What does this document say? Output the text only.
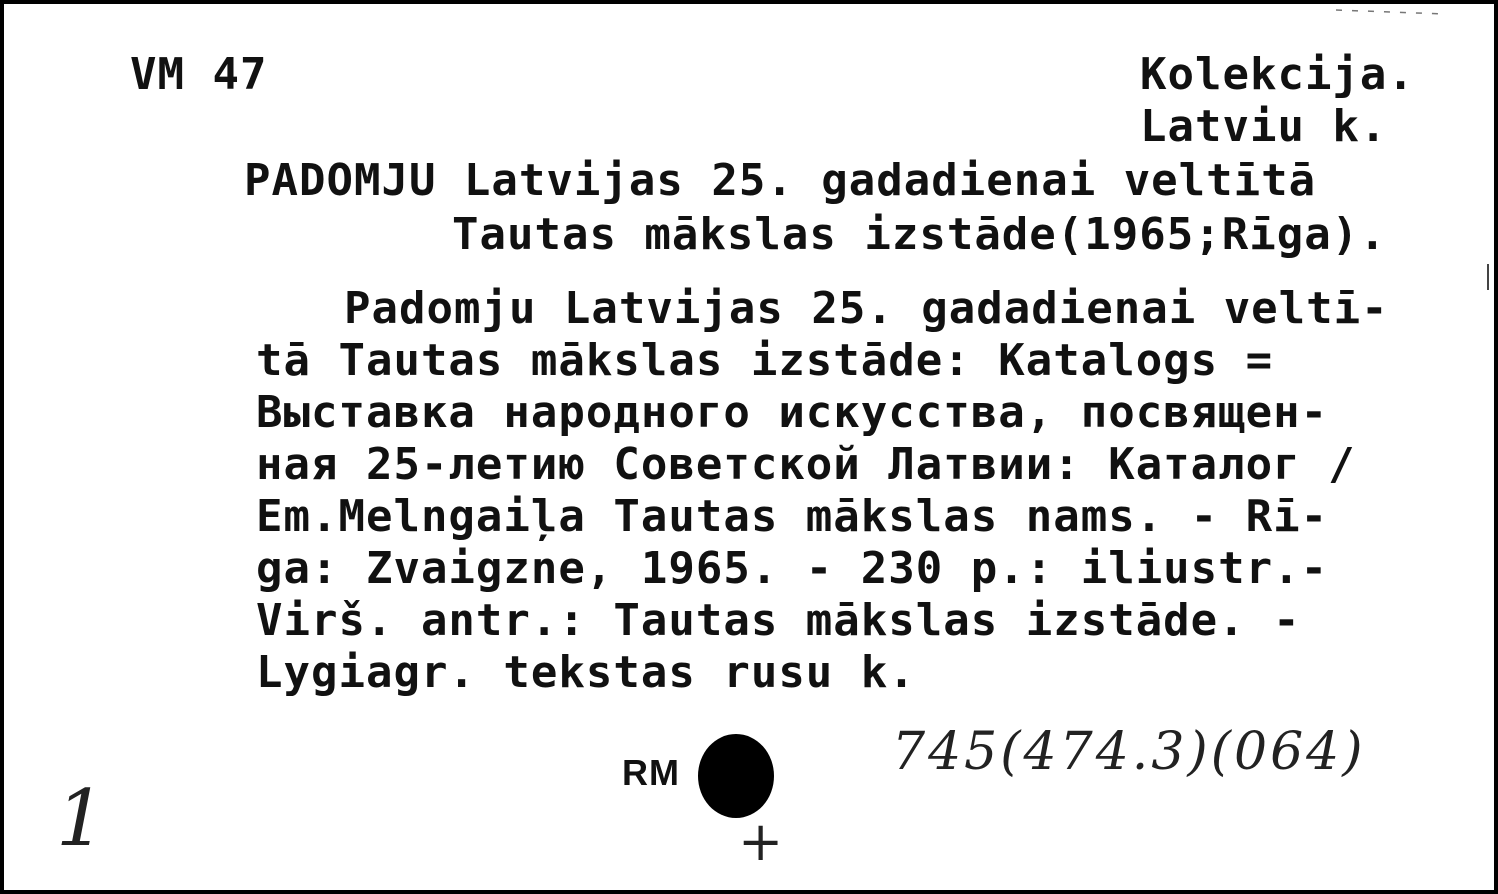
VM 47	Kolekcija.
Latviu k.
PADOMJU Latvijas 25. gadadienai veltītā
Tautas mākslas izstāde(1965;Rīga).
Padomju Latvijas 25. gadadienai veltī-
tā Tautas mākslas izstāde: Katalogs =
Выставка народного искусства, посвящен-
ная 25-летию Советской Латвии: Каталог /
Em.Melngaiļa Tautas mākslas nams. - Rī-
ga: Zvaigzne, 1965. - 230 p.: iliustr.-
Virš. antr.: Tautas mākslas izstāde. -
Lygiagr. tekstas rusu k.
RM	745(474.3)(064)
1	+
